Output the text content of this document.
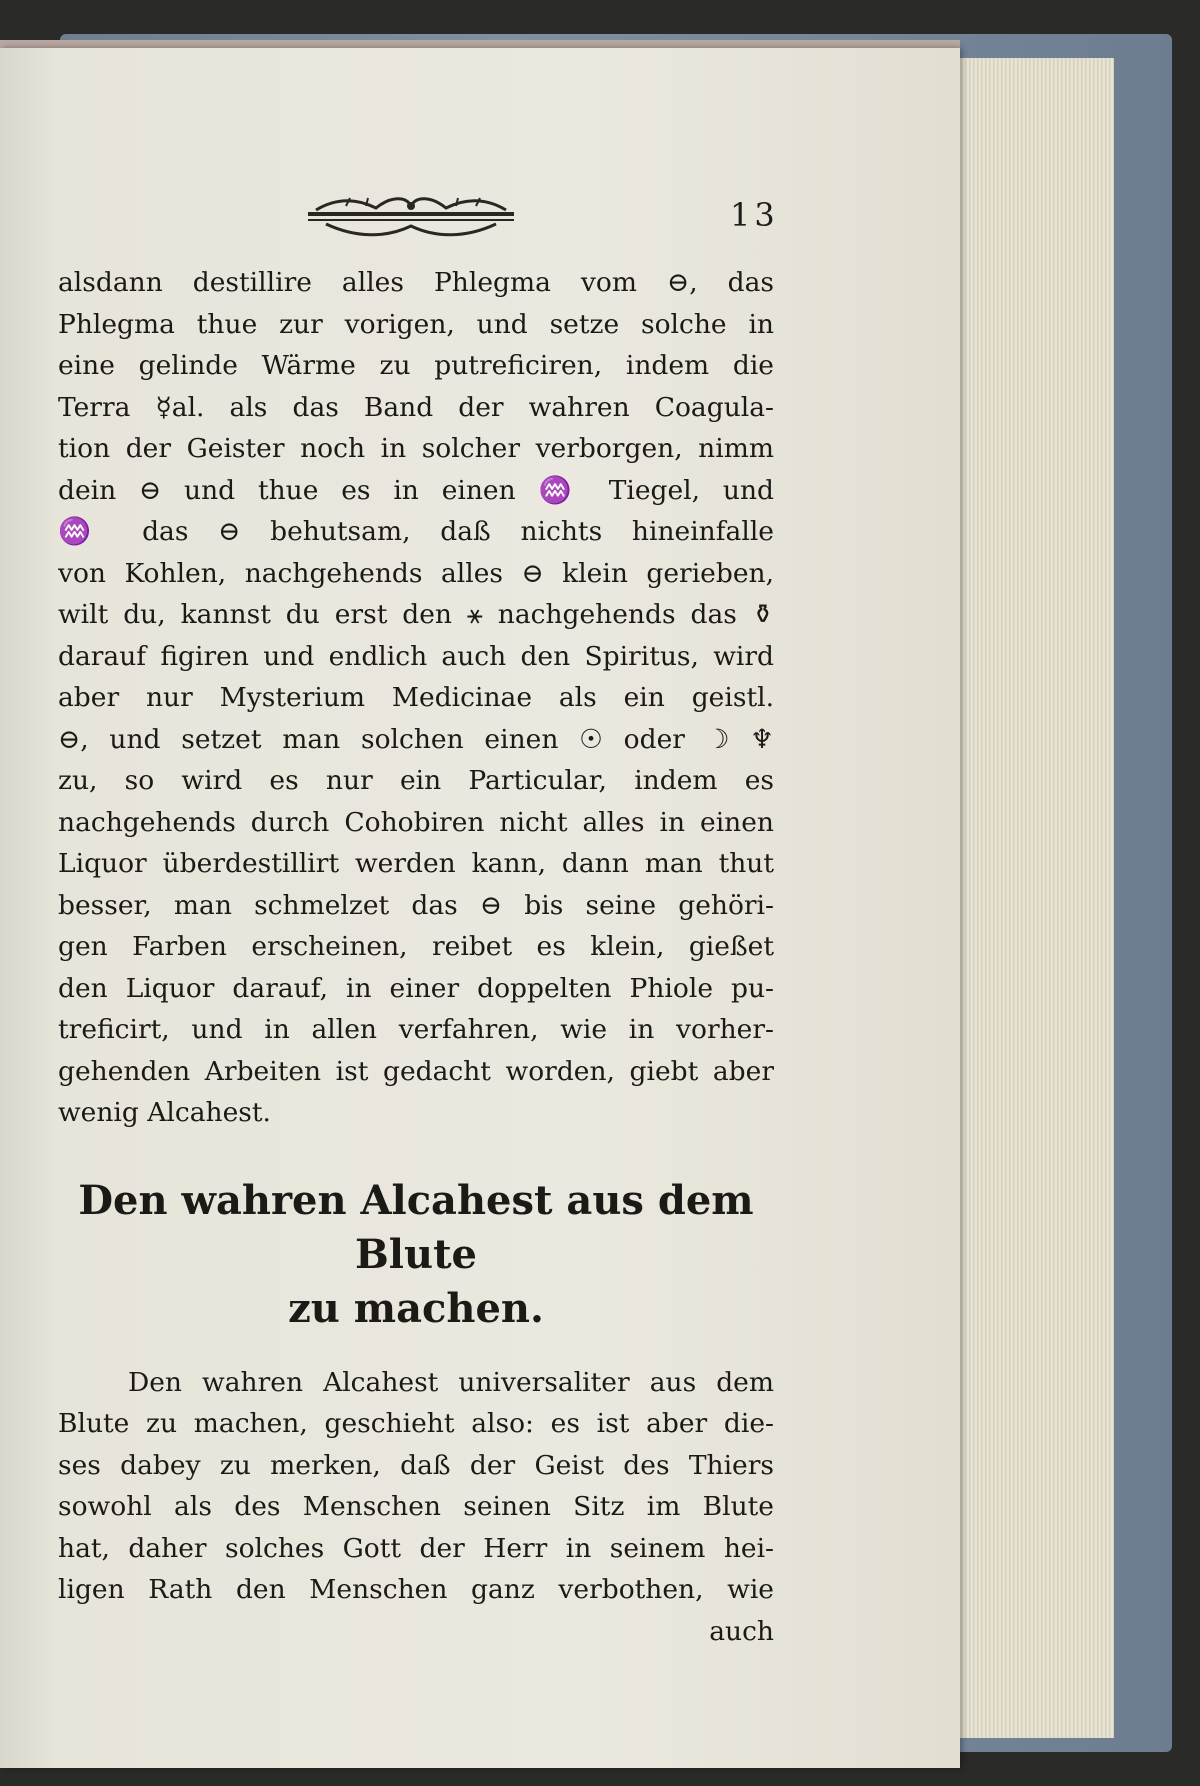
13
alsdann destillire alles Phlegma vom ⊖, das
Phlegma thue zur vorigen, und setze solche in
eine gelinde Wärme zu putreficiren, indem die
Terra ☿al. als das Band der wahren Coagula-
tion der Geister noch in solcher verborgen, nimm
dein ⊖ und thue es in einen ♒ Tiegel, und
♒ das ⊖ behutsam, daß nichts hineinfalle
von Kohlen, nachgehends alles ⊖ klein gerieben,
wilt du, kannst du erst den ⚹ nachgehends das ⚱
darauf figiren und endlich auch den Spiritus, wird
aber nur Mysterium Medicinae als ein geistl.
⊖, und setzet man solchen einen ☉ oder ☽ ♆
zu, so wird es nur ein Particular, indem es
nachgehends durch Cohobiren nicht alles in einen
Liquor überdestillirt werden kann, dann man thut
besser, man schmelzet das ⊖ bis seine gehöri-
gen Farben erscheinen, reibet es klein, gießet
den Liquor darauf, in einer doppelten Phiole pu-
treficirt, und in allen verfahren, wie in vorher-
gehenden Arbeiten ist gedacht worden, giebt aber
wenig Alcahest.
Den wahren Alcahest aus dem Blute
zu machen.
Den wahren Alcahest universaliter aus dem
Blute zu machen, geschieht also: es ist aber die-
ses dabey zu merken, daß der Geist des Thiers
sowohl als des Menschen seinen Sitz im Blute
hat, daher solches Gott der Herr in seinem hei-
ligen Rath den Menschen ganz verbothen, wie
auch
